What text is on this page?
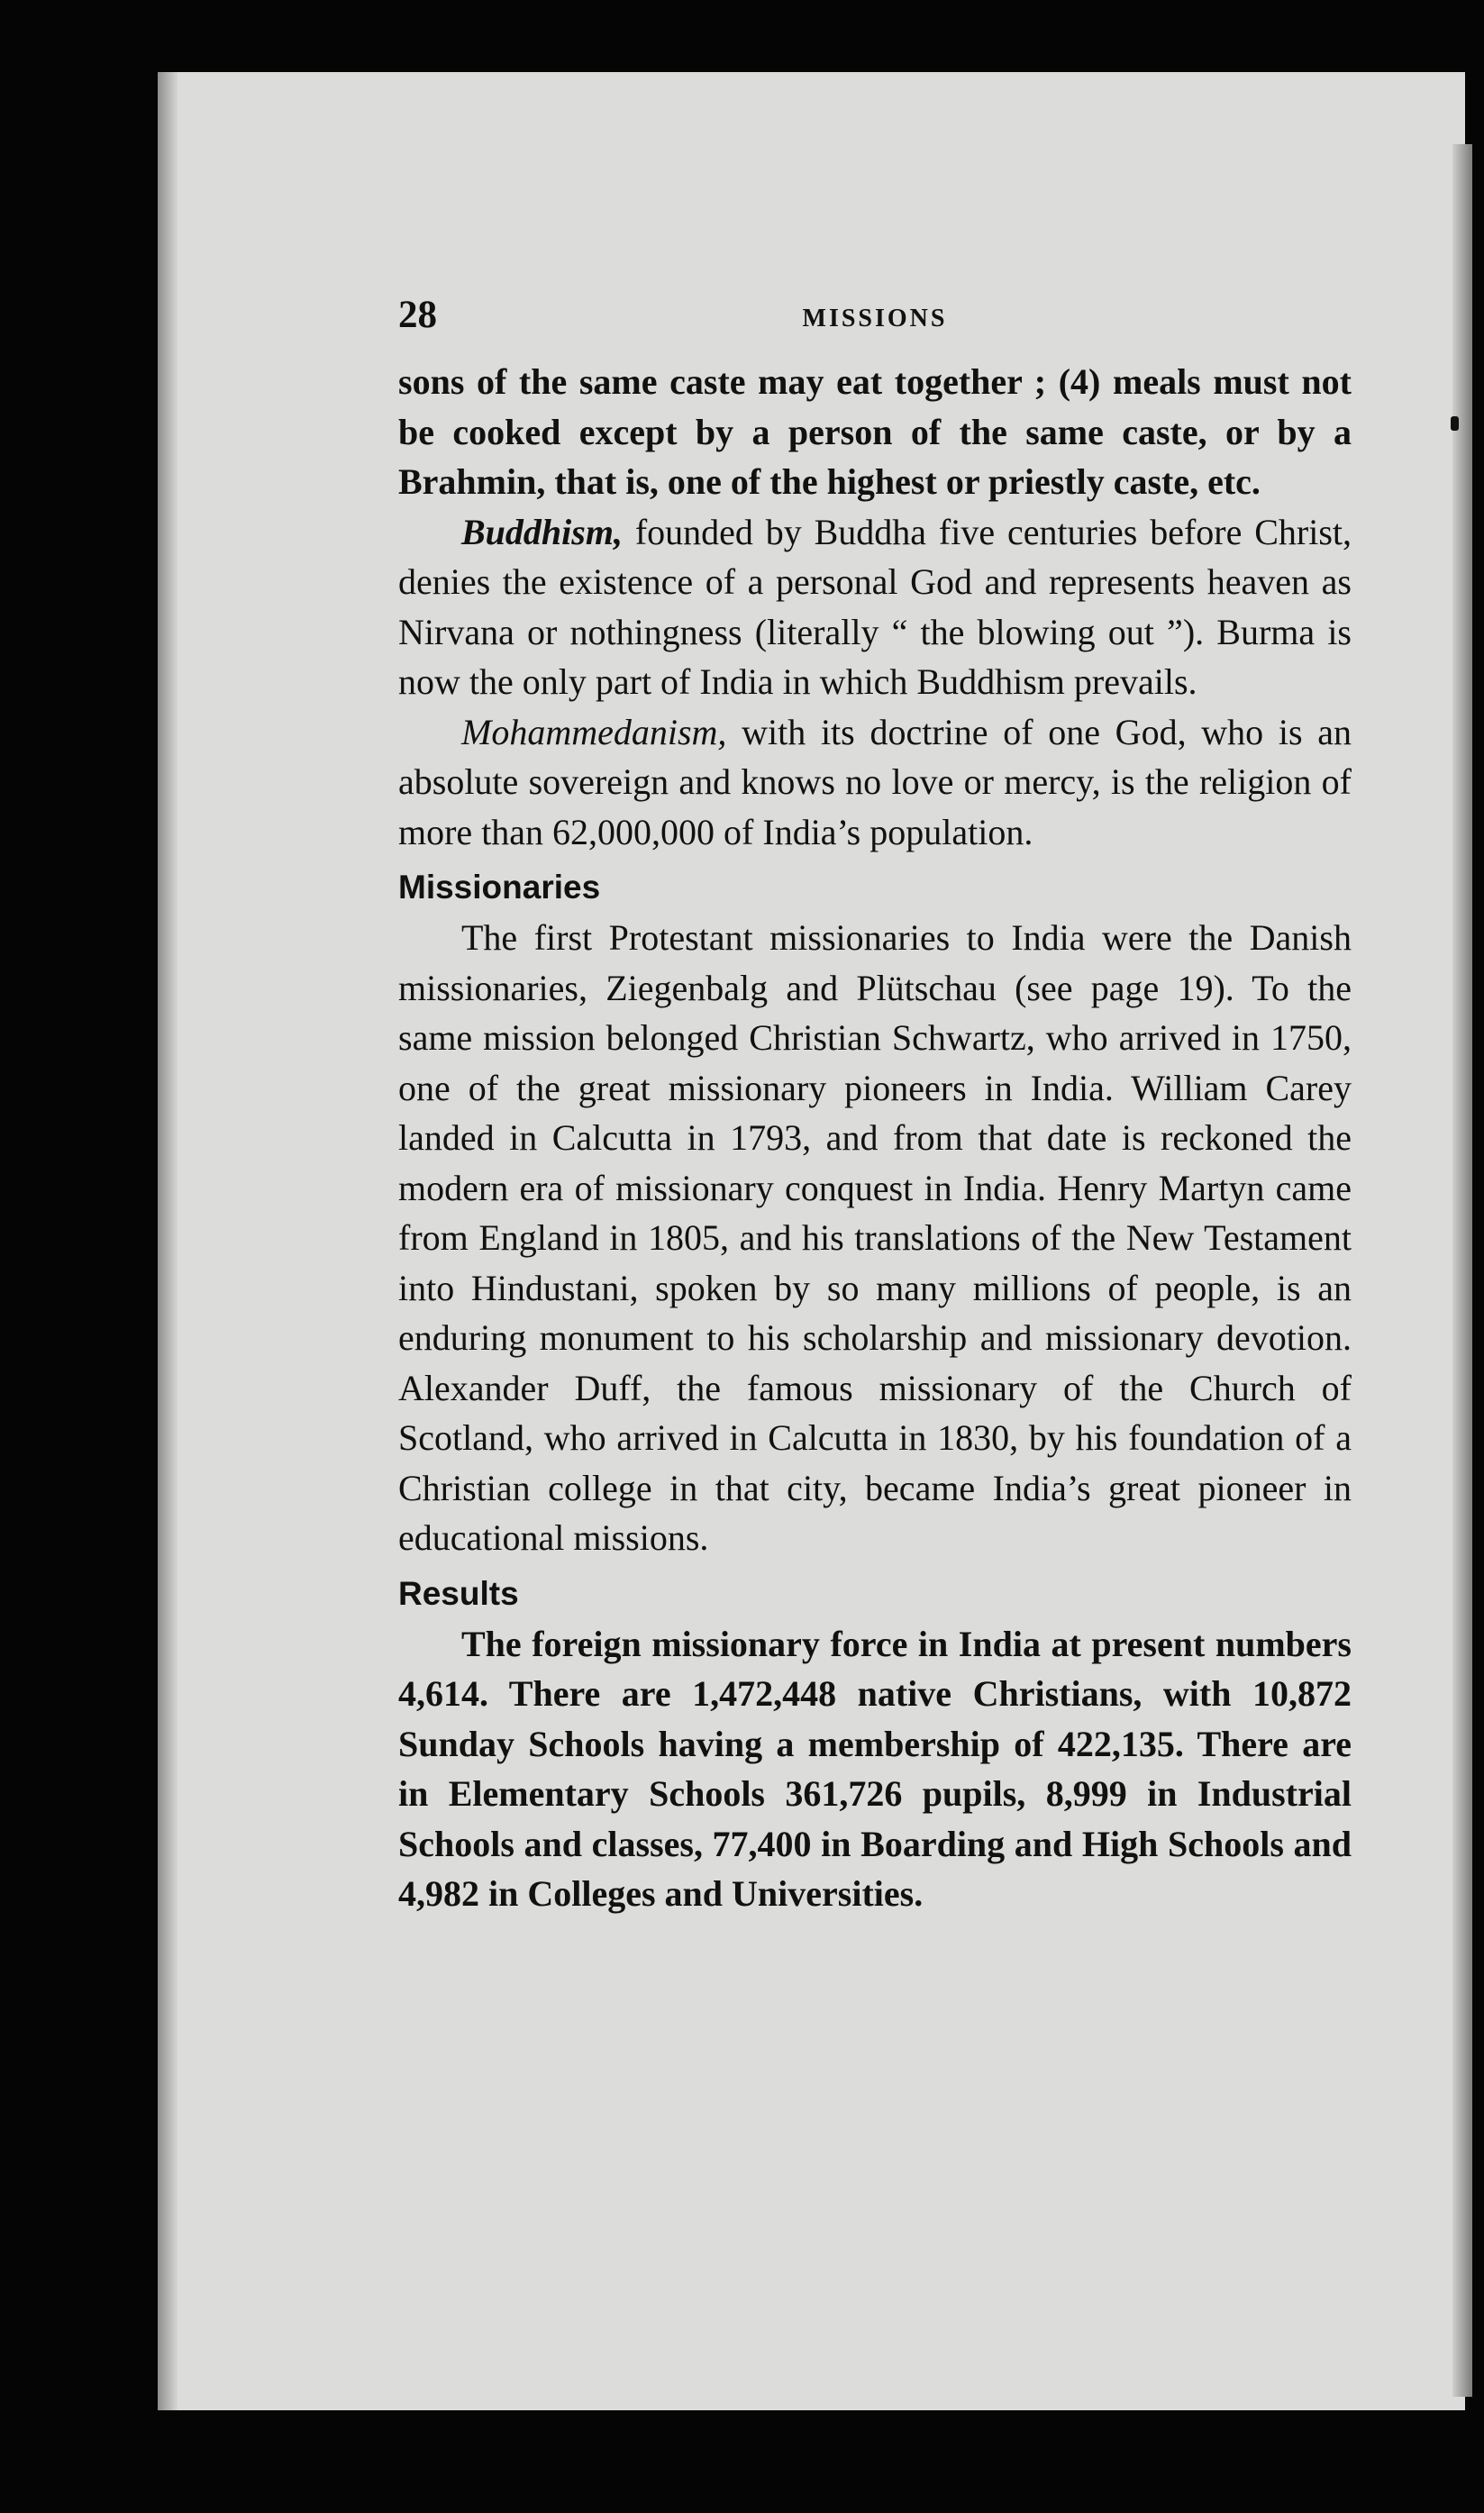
28	MISSIONS

sons of the same caste may eat together ; (4) meals must not be cooked except by a person of the same caste, or by a Brahmin, that is, one of the highest or priestly caste, etc.

Buddhism, founded by Buddha five centuries before Christ, denies the existence of a personal God and represents heaven as Nirvana or nothingness (literally “ the blowing out ”). Burma is now the only part of India in which Buddhism prevails.

Mohammedanism, with its doctrine of one God, who is an absolute sovereign and knows no love or mercy, is the religion of more than 62,000,000 of India’s population.

Missionaries

The first Protestant missionaries to India were the Danish missionaries, Ziegenbalg and Plütschau (see page 19). To the same mission belonged Christian Schwartz, who arrived in 1750, one of the great missionary pioneers in India. William Carey landed in Calcutta in 1793, and from that date is reckoned the modern era of missionary conquest in India. Henry Martyn came from England in 1805, and his translations of the New Testament into Hindustani, spoken by so many millions of people, is an enduring monument to his scholarship and missionary devotion. Alexander Duff, the famous missionary of the Church of Scotland, who arrived in Calcutta in 1830, by his foundation of a Christian college in that city, became India’s great pioneer in educational missions.

Results

The foreign missionary force in India at present numbers 4,614. There are 1,472,448 native Christians, with 10,872 Sunday Schools having a membership of 422,135. There are in Elementary Schools 361,726 pupils, 8,999 in Industrial Schools and classes, 77,400 in Boarding and High Schools and 4,982 in Colleges and Universities.
